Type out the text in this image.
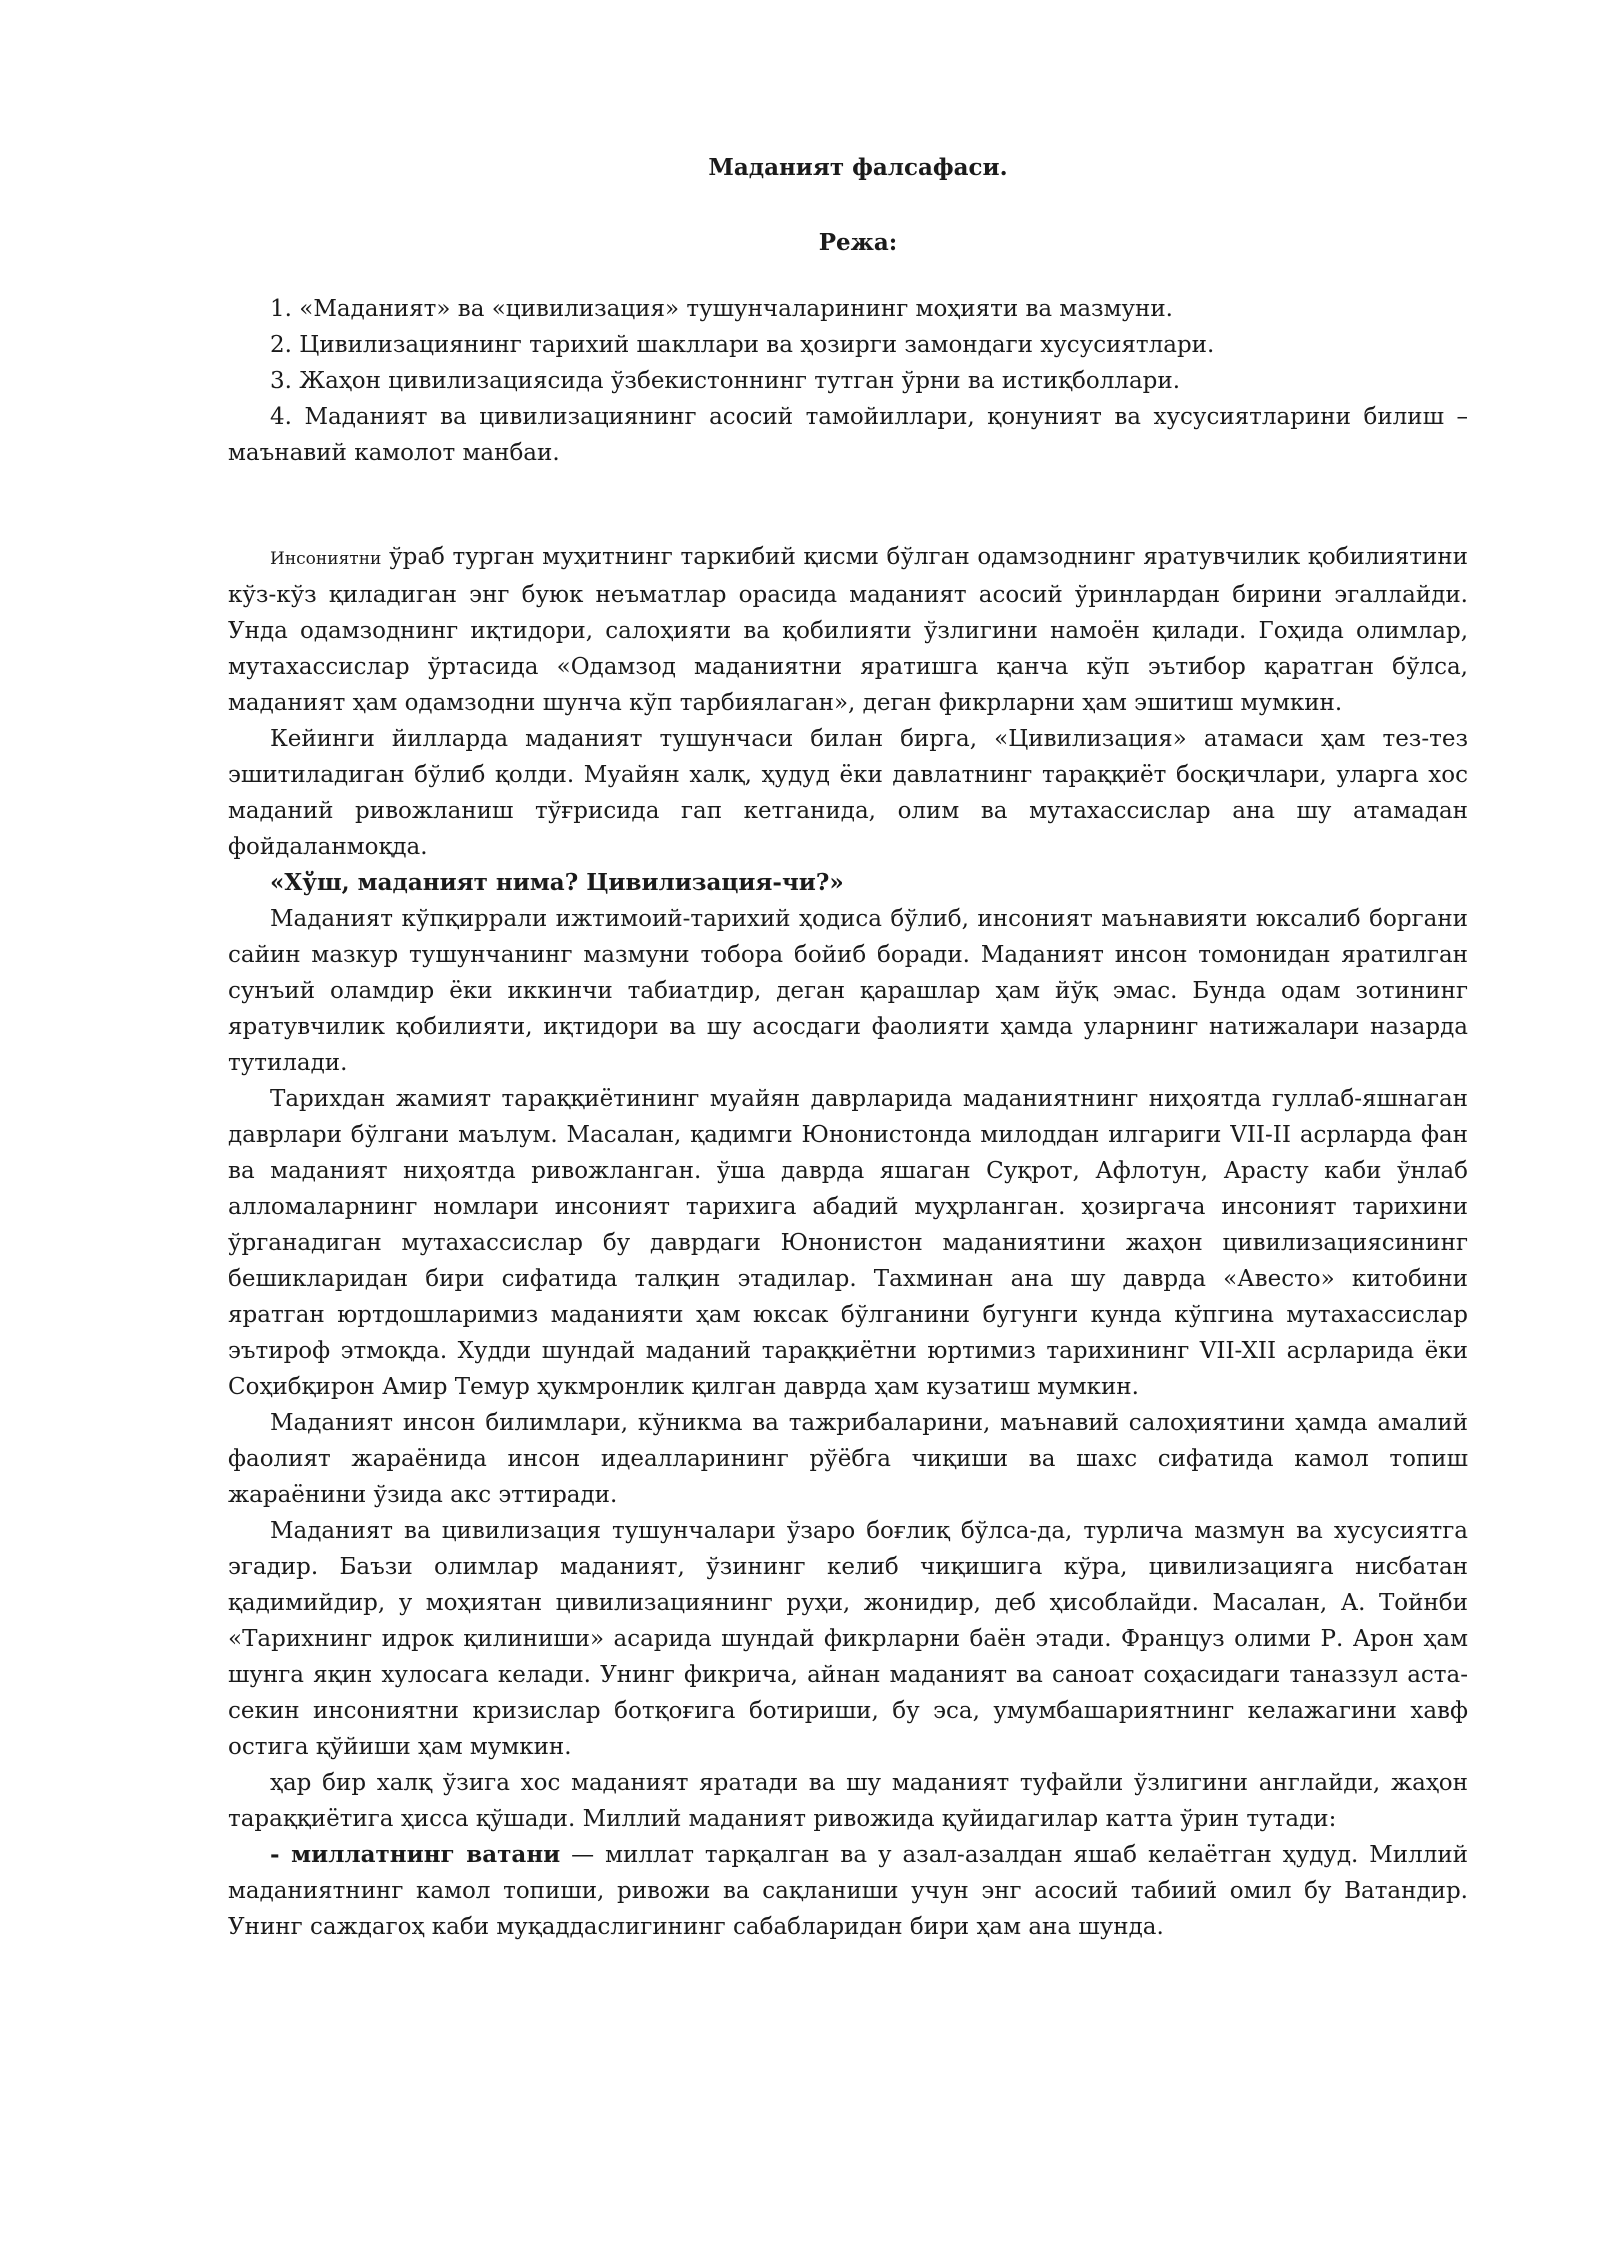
Маданият фалсафаси.
Режа:
1. «Маданият» ва «цивилизация» тушунчаларининг моҳияти ва мазмуни.
2. Цивилизациянинг тарихий шакллари ва ҳозирги замондаги хусусиятлари.
3. Жаҳон цивилизациясида ўзбекистоннинг тутган ўрни ва истиқболлари.
4. Маданият ва цивилизациянинг асосий тамойиллари, қонуният ва хусусиятларини билиш – маънавий камолот манбаи.

Инсониятни ўраб турган муҳитнинг таркибий қисми бўлган одамзоднинг яратувчилик қобилиятини кўз-кўз қиладиган энг буюк неъматлар орасида маданият асосий ўринлардан бирини эгаллайди. Унда одамзоднинг иқтидори, салоҳияти ва қобилияти ўзлигини намоён қилади. Гоҳида олимлар, мутахассислар ўртасида «Одамзод маданиятни яратишга қанча кўп эътибор қаратган бўлса, маданият ҳам одамзодни шунча кўп тарбиялаган», деган фикрларни ҳам эшитиш мумкин.

Кейинги йилларда маданият тушунчаси билан бирга, «Цивилизация» атамаси ҳам тез-тез эшитиладиган бўлиб қолди. Муайян халқ, ҳудуд ёки давлатнинг тараққиёт босқичлари, уларга хос маданий ривожланиш тўғрисида гап кетганида, олим ва мутахассислар ана шу атамадан фойдаланмоқда.

«Хўш, маданият нима? Цивилизация-чи?»

Маданият кўпқиррали ижтимоий-тарихий ҳодиса бўлиб, инсоният маънавияти юксалиб боргани сайин мазкур тушунчанинг мазмуни тобора бойиб боради. Маданият инсон томонидан яратилган сунъий оламдир ёки иккинчи табиатдир, деган қарашлар ҳам йўқ эмас. Бунда одам зотининг яратувчилик қобилияти, иқтидори ва шу асосдаги фаолияти ҳамда уларнинг натижалари назарда тутилади.

Тарихдан жамият тараққиётининг муайян даврларида маданиятнинг ниҳоятда гуллаб-яшнаган даврлари бўлгани маълум. Масалан, қадимги Юнонистонда милоддан илгариги VII-II асрларда фан ва маданият ниҳоятда ривожланган. ўша даврда яшаган Суқрот, Афлотун, Арасту каби ўнлаб алломаларнинг номлари инсоният тарихига абадий муҳрланган. ҳозиргача инсоният тарихини ўрганадиган мутахассислар бу даврдаги Юнонистон маданиятини жаҳон цивилизациясининг бешикларидан бири сифатида талқин этадилар. Тахминан ана шу даврда «Авесто» китобини яратган юртдошларимиз маданияти ҳам юксак бўлганини бугунги кунда кўпгина мутахассислар эътироф этмоқда. Худди шундай маданий тараққиётни юртимиз тарихининг VII-XII асрларида ёки Соҳибқирон Амир Темур ҳукмронлик қилган даврда ҳам кузатиш мумкин.

Маданият инсон билимлари, кўникма ва тажрибаларини, маънавий салоҳиятини ҳамда амалий фаолият жараёнида инсон идеалларининг рўёбга чиқиши ва шахс сифатида камол топиш жараёнини ўзида акс эттиради.

Маданият ва цивилизация тушунчалари ўзаро боғлиқ бўлса-да, турлича мазмун ва хусусиятга эгадир. Баъзи олимлар маданият, ўзининг келиб чиқишига кўра, цивилизацияга нисбатан қадимийдир, у моҳиятан цивилизациянинг руҳи, жонидир, деб ҳисоблайди. Масалан, А. Тойнби «Тарихнинг идрок қилиниши» асарида шундай фикрларни баён этади. Француз олими Р. Арон ҳам шунга яқин хулосага келади. Унинг фикрича, айнан маданият ва саноат соҳасидаги таназзул аста-секин инсониятни кризислар ботқоғига ботириши, бу эса, умумбашариятнинг келажагини хавф остига қўйиши ҳам мумкин.

ҳар бир халқ ўзига хос маданият яратади ва шу маданият туфайли ўзлигини англайди, жаҳон тараққиётига ҳисса қўшади. Миллий маданият ривожида қуйидагилар катта ўрин тутади:

- миллатнинг ватани — миллат тарқалган ва у азал-азалдан яшаб келаётган ҳудуд. Миллий маданиятнинг камол топиши, ривожи ва сақланиши учун энг асосий табиий омил бу Ватандир. Унинг саждагоҳ каби муқаддаслигининг сабабларидан бири ҳам ана шунда.
